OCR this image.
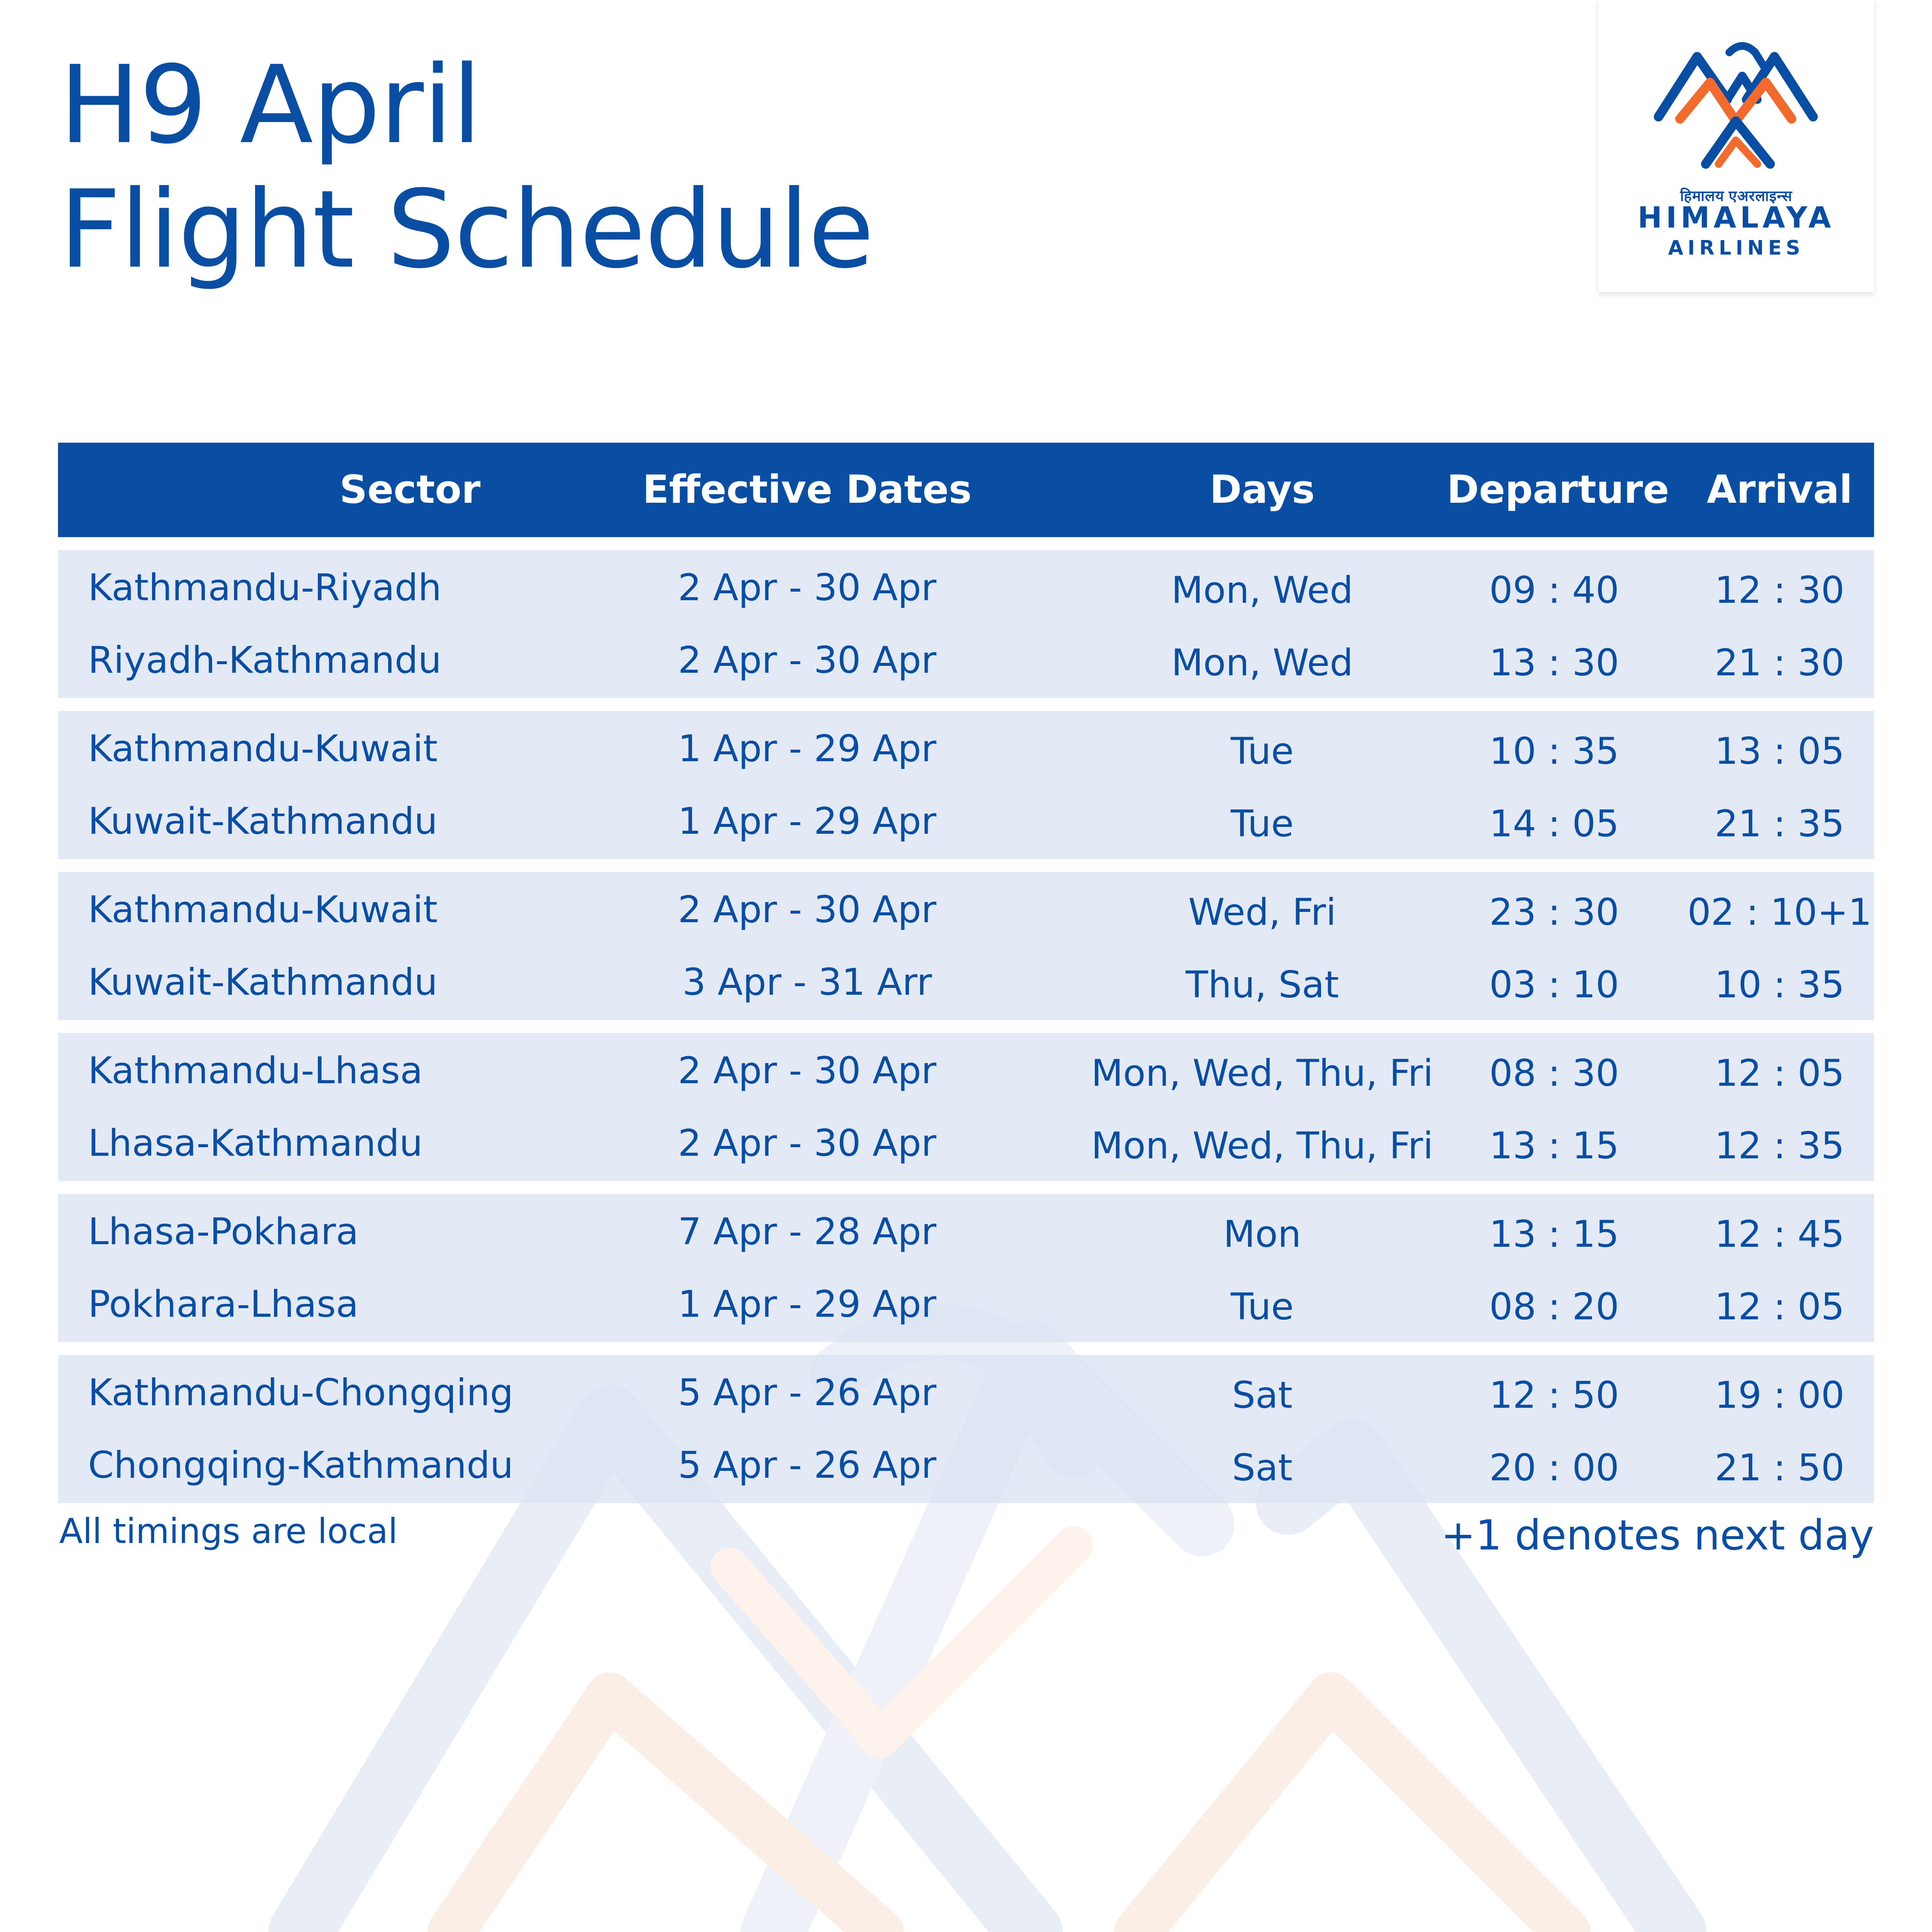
H9 April
Flight Schedule	हिमालय एअरलाइन्स
HIMALAYA
AIRLINES
Sector	Effective Dates	Days	Departure Arrival
Kathmandu-Riyadh	2 Apr - 30 Apr	Mon, Wed	09 : 40	12 : 30
Riyadh-Kathmandu	2 Apr - 30 Apr	Mon, Wed	13 : 30	21 : 30
Kathmandu-Kuwait	1 Apr - 29 Apr	Tue	10 : 35	13 : 05
Kuwait-Kathmandu	1 Apr - 29 Apr	Tue	14 : 05	21 : 35
Kathmandu-Kuwait	2 Apr - 30 Apr	Wed, Fri	23 : 30	02 : 10+1
Kuwait-Kathmandu	3 Apr - 31 Arr	Thu, Sat	03 : 10	10 : 35
Kathmandu-Lhasa	2 Apr - 30 Apr	Mon, Wed, Thu, Fri	08 : 30	12 : 05
Lhasa-Kathmandu	2 Apr - 30 Apr	Mon, Wed, Thu, Fri	13 : 15	12 : 35
Lhasa-Pokhara	7 Apr - 28 Apr	Mon	13 : 15	12 : 45
Pokhara-Lhasa	1 Apr - 29 Apr	Tue	08 : 20	12 : 05
Kathmandu-Chongqing	5 Apr - 26 Apr	Sat	12 : 50	19 : 00
Chongqing-Kathmandu	5 Apr - 26 Apr	Sat	20 : 00	21 : 50
All timings are local	+1 denotes next day
